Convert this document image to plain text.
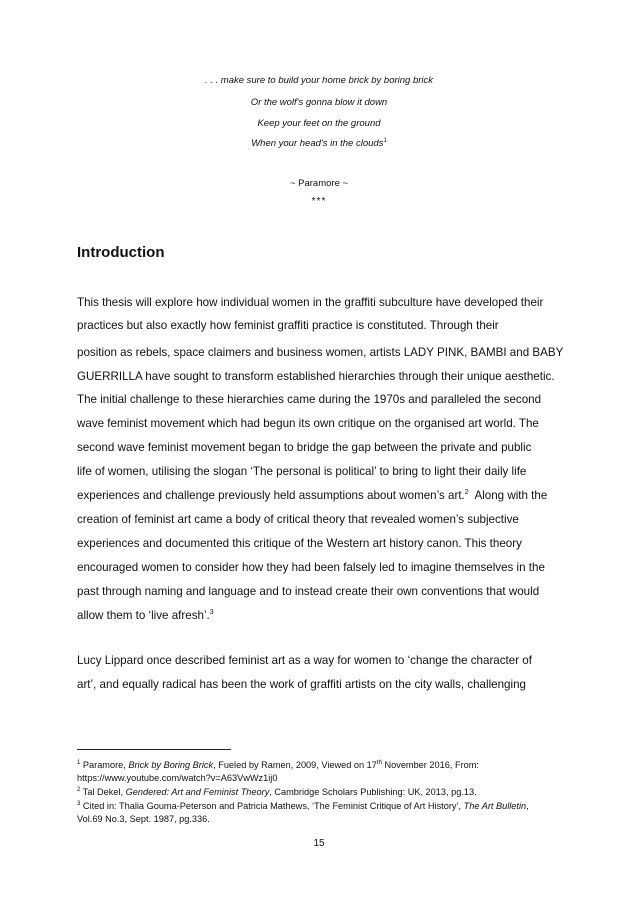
. . . make sure to build your home brick by boring brick
Or the wolf's gonna blow it down
Keep your feet on the ground
When your head's in the clouds$^1$
~ Paramore ~
***
Introduction
This thesis will explore how individual women in the graffiti subculture have developed their
practices but also exactly how feminist graffiti practice is constituted. Through their
position as rebels, space claimers and business women, artists LADY PINK, BAMBI and BABY
GUERRILLA have sought to transform established hierarchies through their unique aesthetic.
The initial challenge to these hierarchies came during the 1970s and paralleled the second
wave feminist movement which had begun its own critique on the organised art world. The
second wave feminist movement began to bridge the gap between the private and public
life of women, utilising the slogan ‘The personal is political’ to bring to light their daily life
experiences and challenge previously held assumptions about women’s art.$^2$  Along with the
creation of feminist art came a body of critical theory that revealed women’s subjective
experiences and documented this critique of the Western art history canon. This theory
encouraged women to consider how they had been falsely led to imagine themselves in the
past through naming and language and to instead create their own conventions that would
allow them to ‘live afresh’.$^3$
Lucy Lippard once described feminist art as a way for women to ‘change the character of
art’, and equally radical has been the work of graffiti artists on the city walls, challenging
$^1$ Paramore, Brick by Boring Brick, Fueled by Ramen, 2009, Viewed on 17th November 2016, From:
https://www.youtube.com/watch?v=A63VwWz1ij0
$^2$ Tal Dekel, Gendered: Art and Feminist Theory, Cambridge Scholars Publishing: UK, 2013, pg.13.
$^3$ Cited in: Thalia Gouma-Peterson and Patricia Mathews, ‘The Feminist Critique of Art History’, The Art Bulletin,
Vol.69 No.3, Sept. 1987, pg.336.
15
